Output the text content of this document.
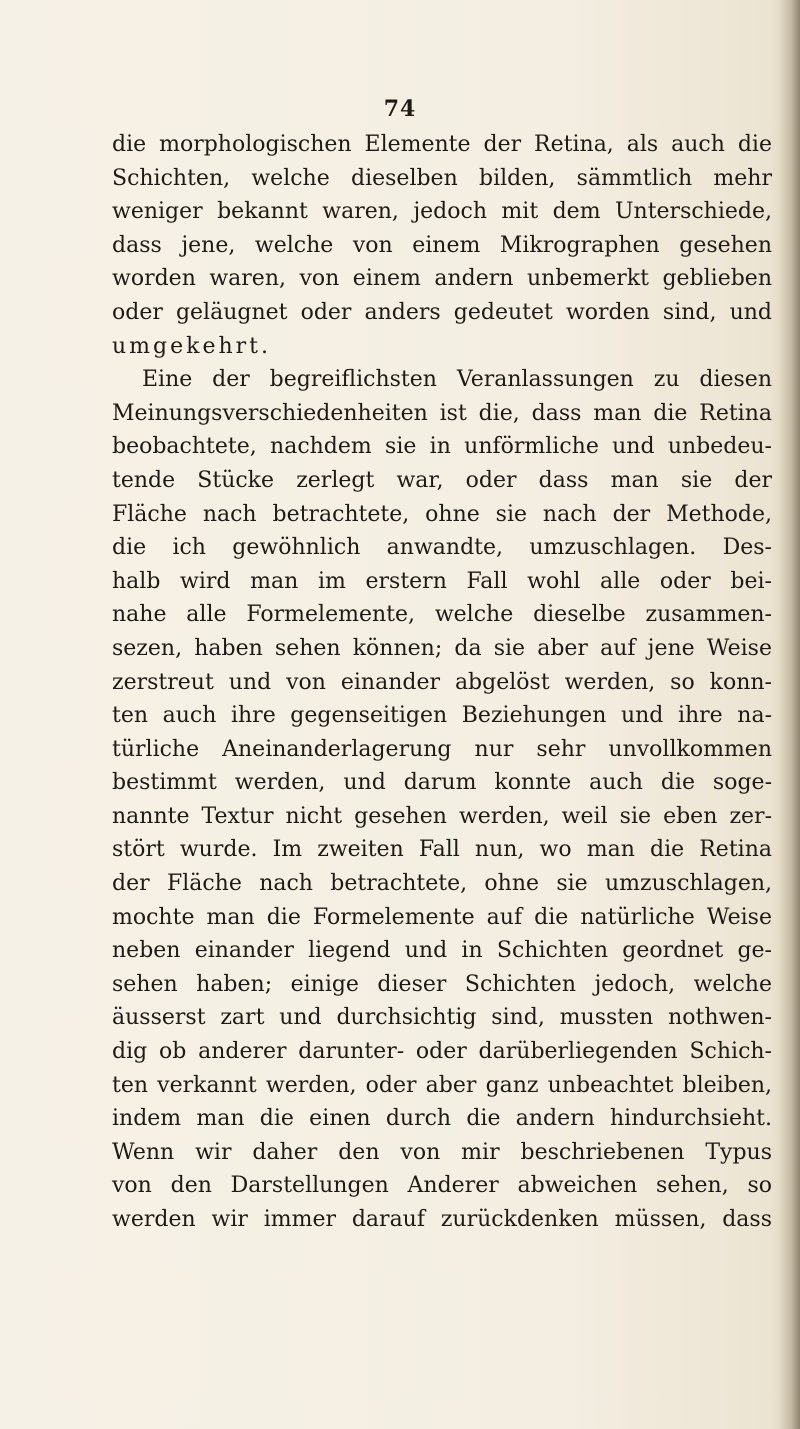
74
die morphologischen Elemente der Retina, als auch die
Schichten, welche dieselben bilden, sämmtlich mehr
weniger bekannt waren, jedoch mit dem Unterschiede,
dass jene, welche von einem Mikrographen gesehen
worden waren, von einem andern unbemerkt geblieben
oder geläugnet oder anders gedeutet worden sind, und
umgekehrt.
Eine der begreiflichsten Veranlassungen zu diesen
Meinungsverschiedenheiten ist die, dass man die Retina
beobachtete, nachdem sie in unförmliche und unbedeu-
tende Stücke zerlegt war, oder dass man sie der
Fläche nach betrachtete, ohne sie nach der Methode,
die ich gewöhnlich anwandte, umzuschlagen. Des-
halb wird man im erstern Fall wohl alle oder bei-
nahe alle Formelemente, welche dieselbe zusammen-
sezen, haben sehen können; da sie aber auf jene Weise
zerstreut und von einander abgelöst werden, so konn-
ten auch ihre gegenseitigen Beziehungen und ihre na-
türliche Aneinanderlagerung nur sehr unvollkommen
bestimmt werden, und darum konnte auch die soge-
nannte Textur nicht gesehen werden, weil sie eben zer-
stört wurde. Im zweiten Fall nun, wo man die Retina
der Fläche nach betrachtete, ohne sie umzuschlagen,
mochte man die Formelemente auf die natürliche Weise
neben einander liegend und in Schichten geordnet ge-
sehen haben; einige dieser Schichten jedoch, welche
äusserst zart und durchsichtig sind, mussten nothwen-
dig ob anderer darunter- oder darüberliegenden Schich-
ten verkannt werden, oder aber ganz unbeachtet bleiben,
indem man die einen durch die andern hindurchsieht.
Wenn wir daher den von mir beschriebenen Typus
von den Darstellungen Anderer abweichen sehen, so
werden wir immer darauf zurückdenken müssen, dass
